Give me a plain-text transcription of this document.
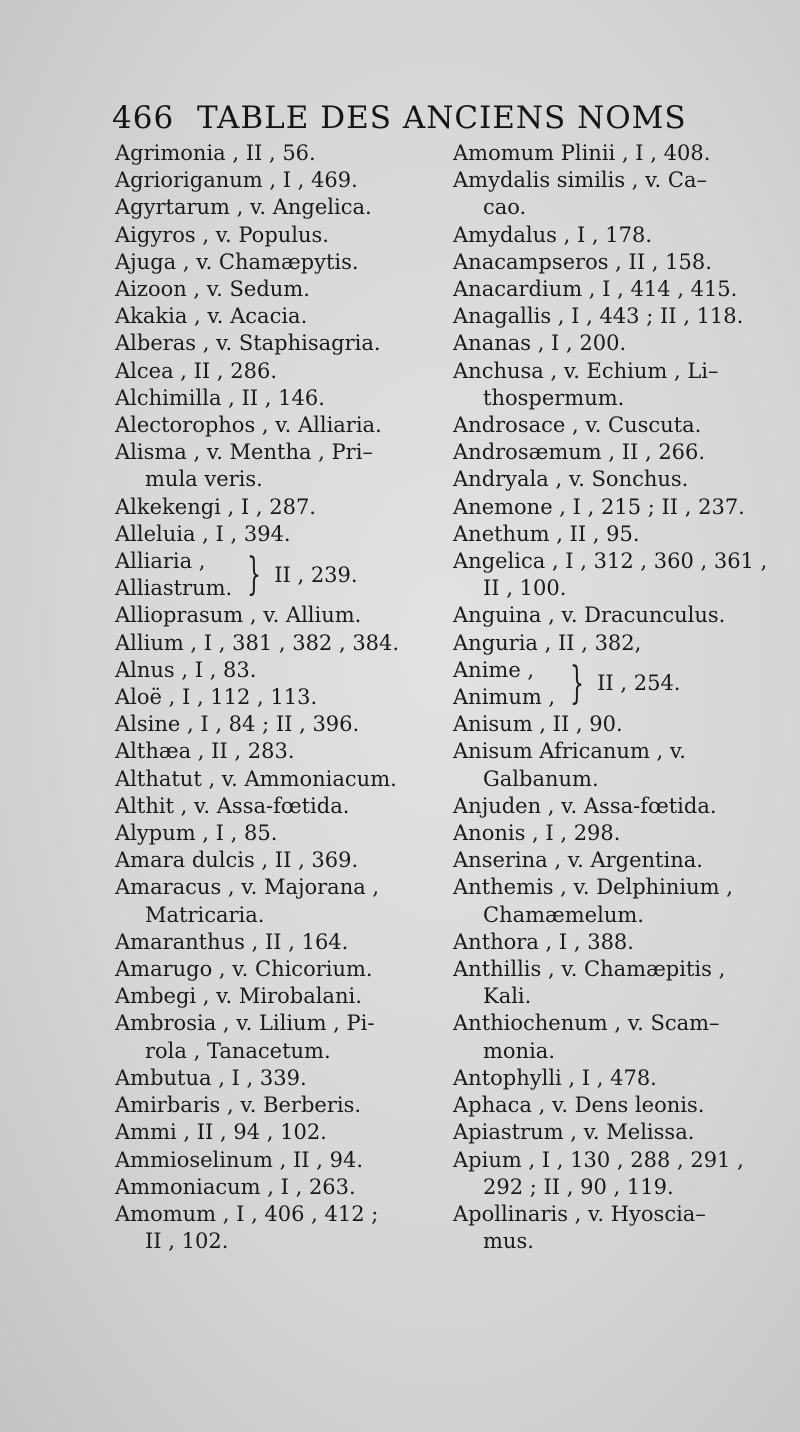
466 TABLE DES ANCIENS NOMS
Agrimonia , II , 56.
Agrioriganum , I , 469.
Agyrtarum , v. Angelica.
Aigyros , v. Populus.
Ajuga , v. Chamæpytis.
Aizoon , v. Sedum.
Akakia , v. Acacia.
Alberas , v. Staphisagria.
Alcea , II , 286.
Alchimilla , II , 146.
Alectorophos , v. Alliaria.
Alisma , v. Mentha , Pri–
mula veris.
Alkekengi , I , 287.
Alleluia , I , 394.
Alliaria ,
Alliastrum. } II , 239.
Allioprasum , v. Allium.
Allium , I , 381 , 382 , 384.
Alnus , I , 83.
Aloë , I , 112 , 113.
Alsine , I , 84 ; II , 396.
Althæa , II , 283.
Althatut , v. Ammoniacum.
Althit , v. Assa-fœtida.
Alypum , I , 85.
Amara dulcis , II , 369.
Amaracus , v. Majorana ,
Matricaria.
Amaranthus , II , 164.
Amarugo , v. Chicorium.
Ambegi , v. Mirobalani.
Ambrosia , v. Lilium , Pi-
rola , Tanacetum.
Ambutua , I , 339.
Amirbaris , v. Berberis.
Ammi , II , 94 , 102.
Ammioselinum , II , 94.
Ammoniacum , I , 263.
Amomum , I , 406 , 412 ;
II , 102.
Amomum Plinii , I , 408.
Amydalis similis , v. Ca–
cao.
Amydalus , I , 178.
Anacampseros , II , 158.
Anacardium , I , 414 , 415.
Anagallis , I , 443 ; II , 118.
Ananas , I , 200.
Anchusa , v. Echium , Li–
thospermum.
Androsace , v. Cuscuta.
Androsæmum , II , 266.
Andryala , v. Sonchus.
Anemone , I , 215 ; II , 237.
Anethum , II , 95.
Angelica , I , 312 , 360 , 361 ,
II , 100.
Anguina , v. Dracunculus.
Anguria , II , 382,
Anime ,
Animum , } II , 254.
Anisum , II , 90.
Anisum Africanum , v.
Galbanum.
Anjuden , v. Assa-fœtida.
Anonis , I , 298.
Anserina , v. Argentina.
Anthemis , v. Delphinium ,
Chamæmelum.
Anthora , I , 388.
Anthillis , v. Chamæpitis ,
Kali.
Anthiochenum , v. Scam–
monia.
Antophylli , I , 478.
Aphaca , v. Dens leonis.
Apiastrum , v. Melissa.
Apium , I , 130 , 288 , 291 ,
292 ; II , 90 , 119.
Apollinaris , v. Hyoscia–
mus.
